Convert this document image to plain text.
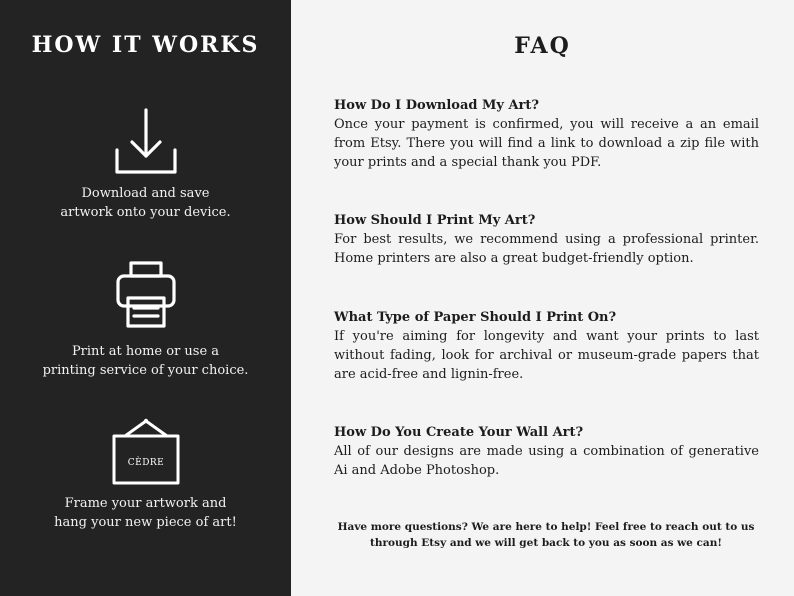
HOW IT WORKS
Download and save
artwork onto your device.
Print at home or use a
printing service of your choice.
CÈDRE
Frame your artwork and
hang your new piece of art!
FAQ
How Do I Download My Art?
Once your payment is confirmed, you will receive a an email from Etsy. There you will find a link to download a zip file with your prints and a special thank you PDF.
How Should I Print My Art?
For best results, we recommend using a professional printer. Home printers are also a great budget-friendly option.
What Type of Paper Should I Print On?
If you're aiming for longevity and want your prints to last without fading, look for archival or museum-grade papers that are acid-free and lignin-free.
How Do You Create Your Wall Art?
All of our designs are made using a combination of generative Ai and Adobe Photoshop.
Have more questions? We are here to help! Feel free to reach out to us
through Etsy and we will get back to you as soon as we can!
